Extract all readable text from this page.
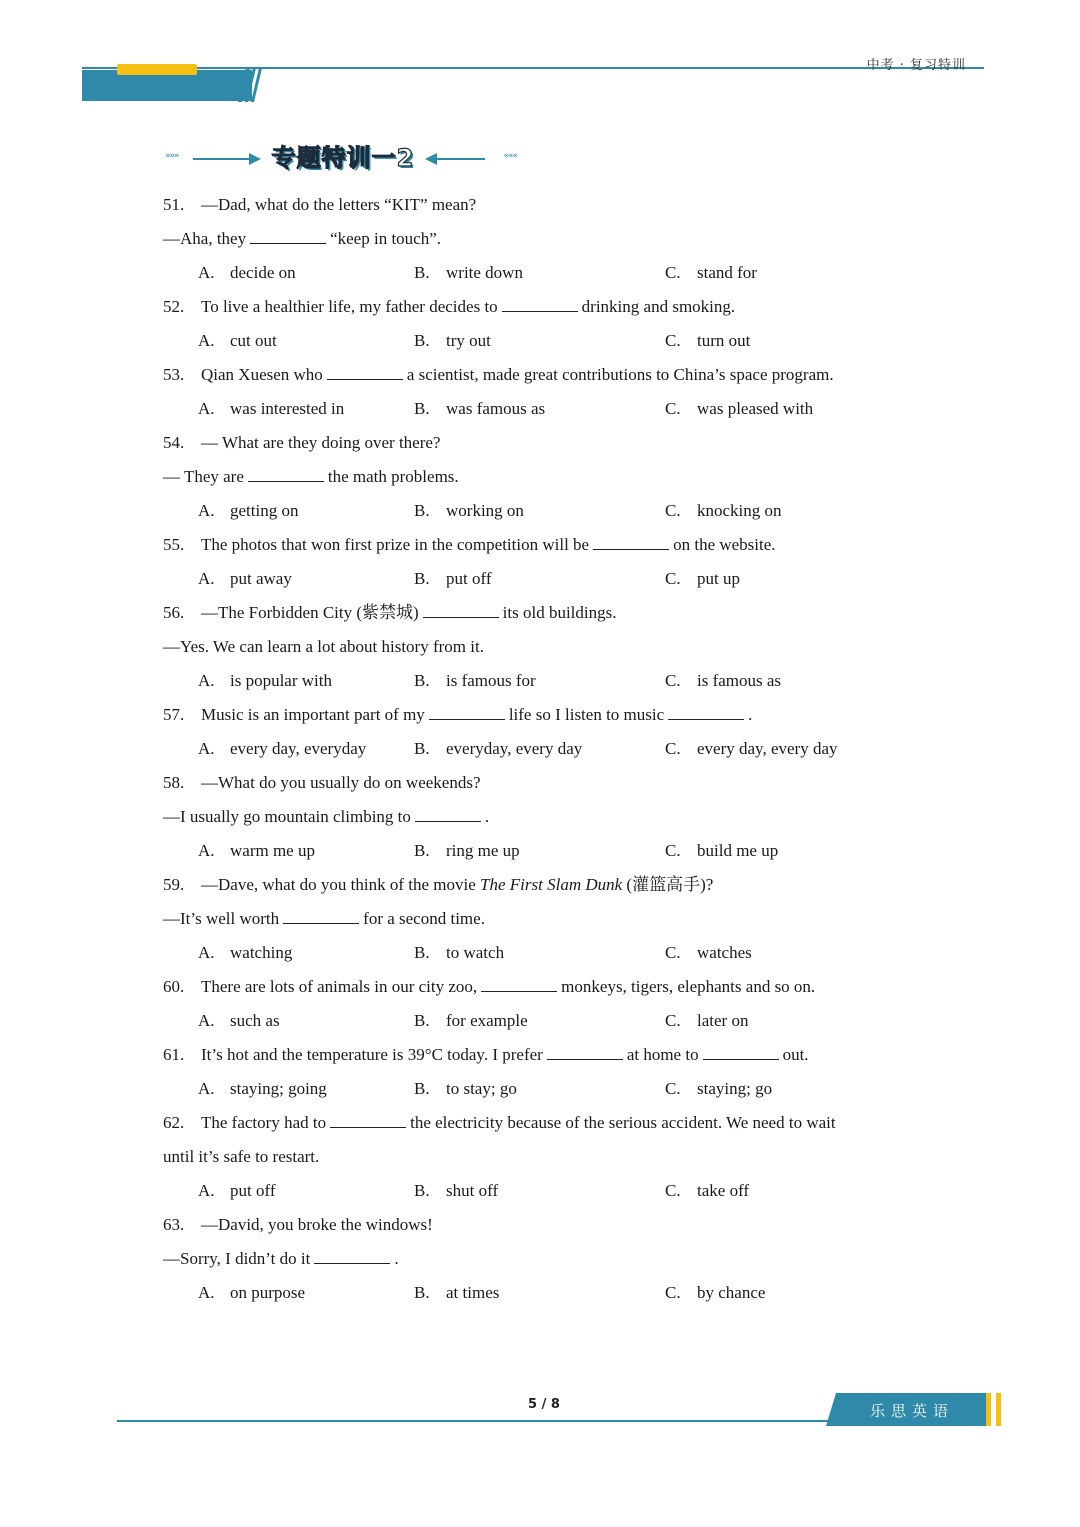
中考 · 复习特训
»»»	«««
专题特训一2
51. —Dad, what do the letters “KIT” mean?
—Aha, they	“keep in touch”.
A. decide on	B. write down	C. stand for
52. To live a healthier life, my father decides to	drinking and smoking.
A. cut out	B. try out	C. turn out
53. Qian Xuesen who	a scientist, made great contributions to China’s space program.
A. was interested in	B. was famous as	C. was pleased with
54. — What are they doing over there?
— They are	the math problems.
A. getting on	B. working on	C. knocking on
55. The photos that won first prize in the competition will be	on the website.
A. put away	B. put off	C. put up
56. —The Forbidden City (紫禁城)	its old buildings.
—Yes. We can learn a lot about history from it.
A. is popular with	B. is famous for	C. is famous as
57. Music is an important part of my	life so I listen to music	.
A. every day, everyday	B. everyday, every day	C. every day, every day
58. —What do you usually do on weekends?
—I usually go mountain climbing to	.
A. warm me up	B. ring me up	C. build me up
59. —Dave, what do you think of the movie The First Slam Dunk (灌篮高手)?
—It’s well worth	for a second time.
A. watching	B. to watch	C. watches
60. There are lots of animals in our city zoo,	monkeys, tigers, elephants and so on.
A. such as	B. for example	C. later on
61. It’s hot and the temperature is 39°C today. I prefer	at home to	out.
A. staying; going	B. to stay; go	C. staying; go
62. The factory had to	the electricity because of the serious accident. We need to wait
until it’s safe to restart.
A. put off	B. shut off	C. take off
63. —David, you broke the windows!
—Sorry, I didn’t do it	.
A. on purpose	B. at times	C. by chance
5 / 8	乐思英语
